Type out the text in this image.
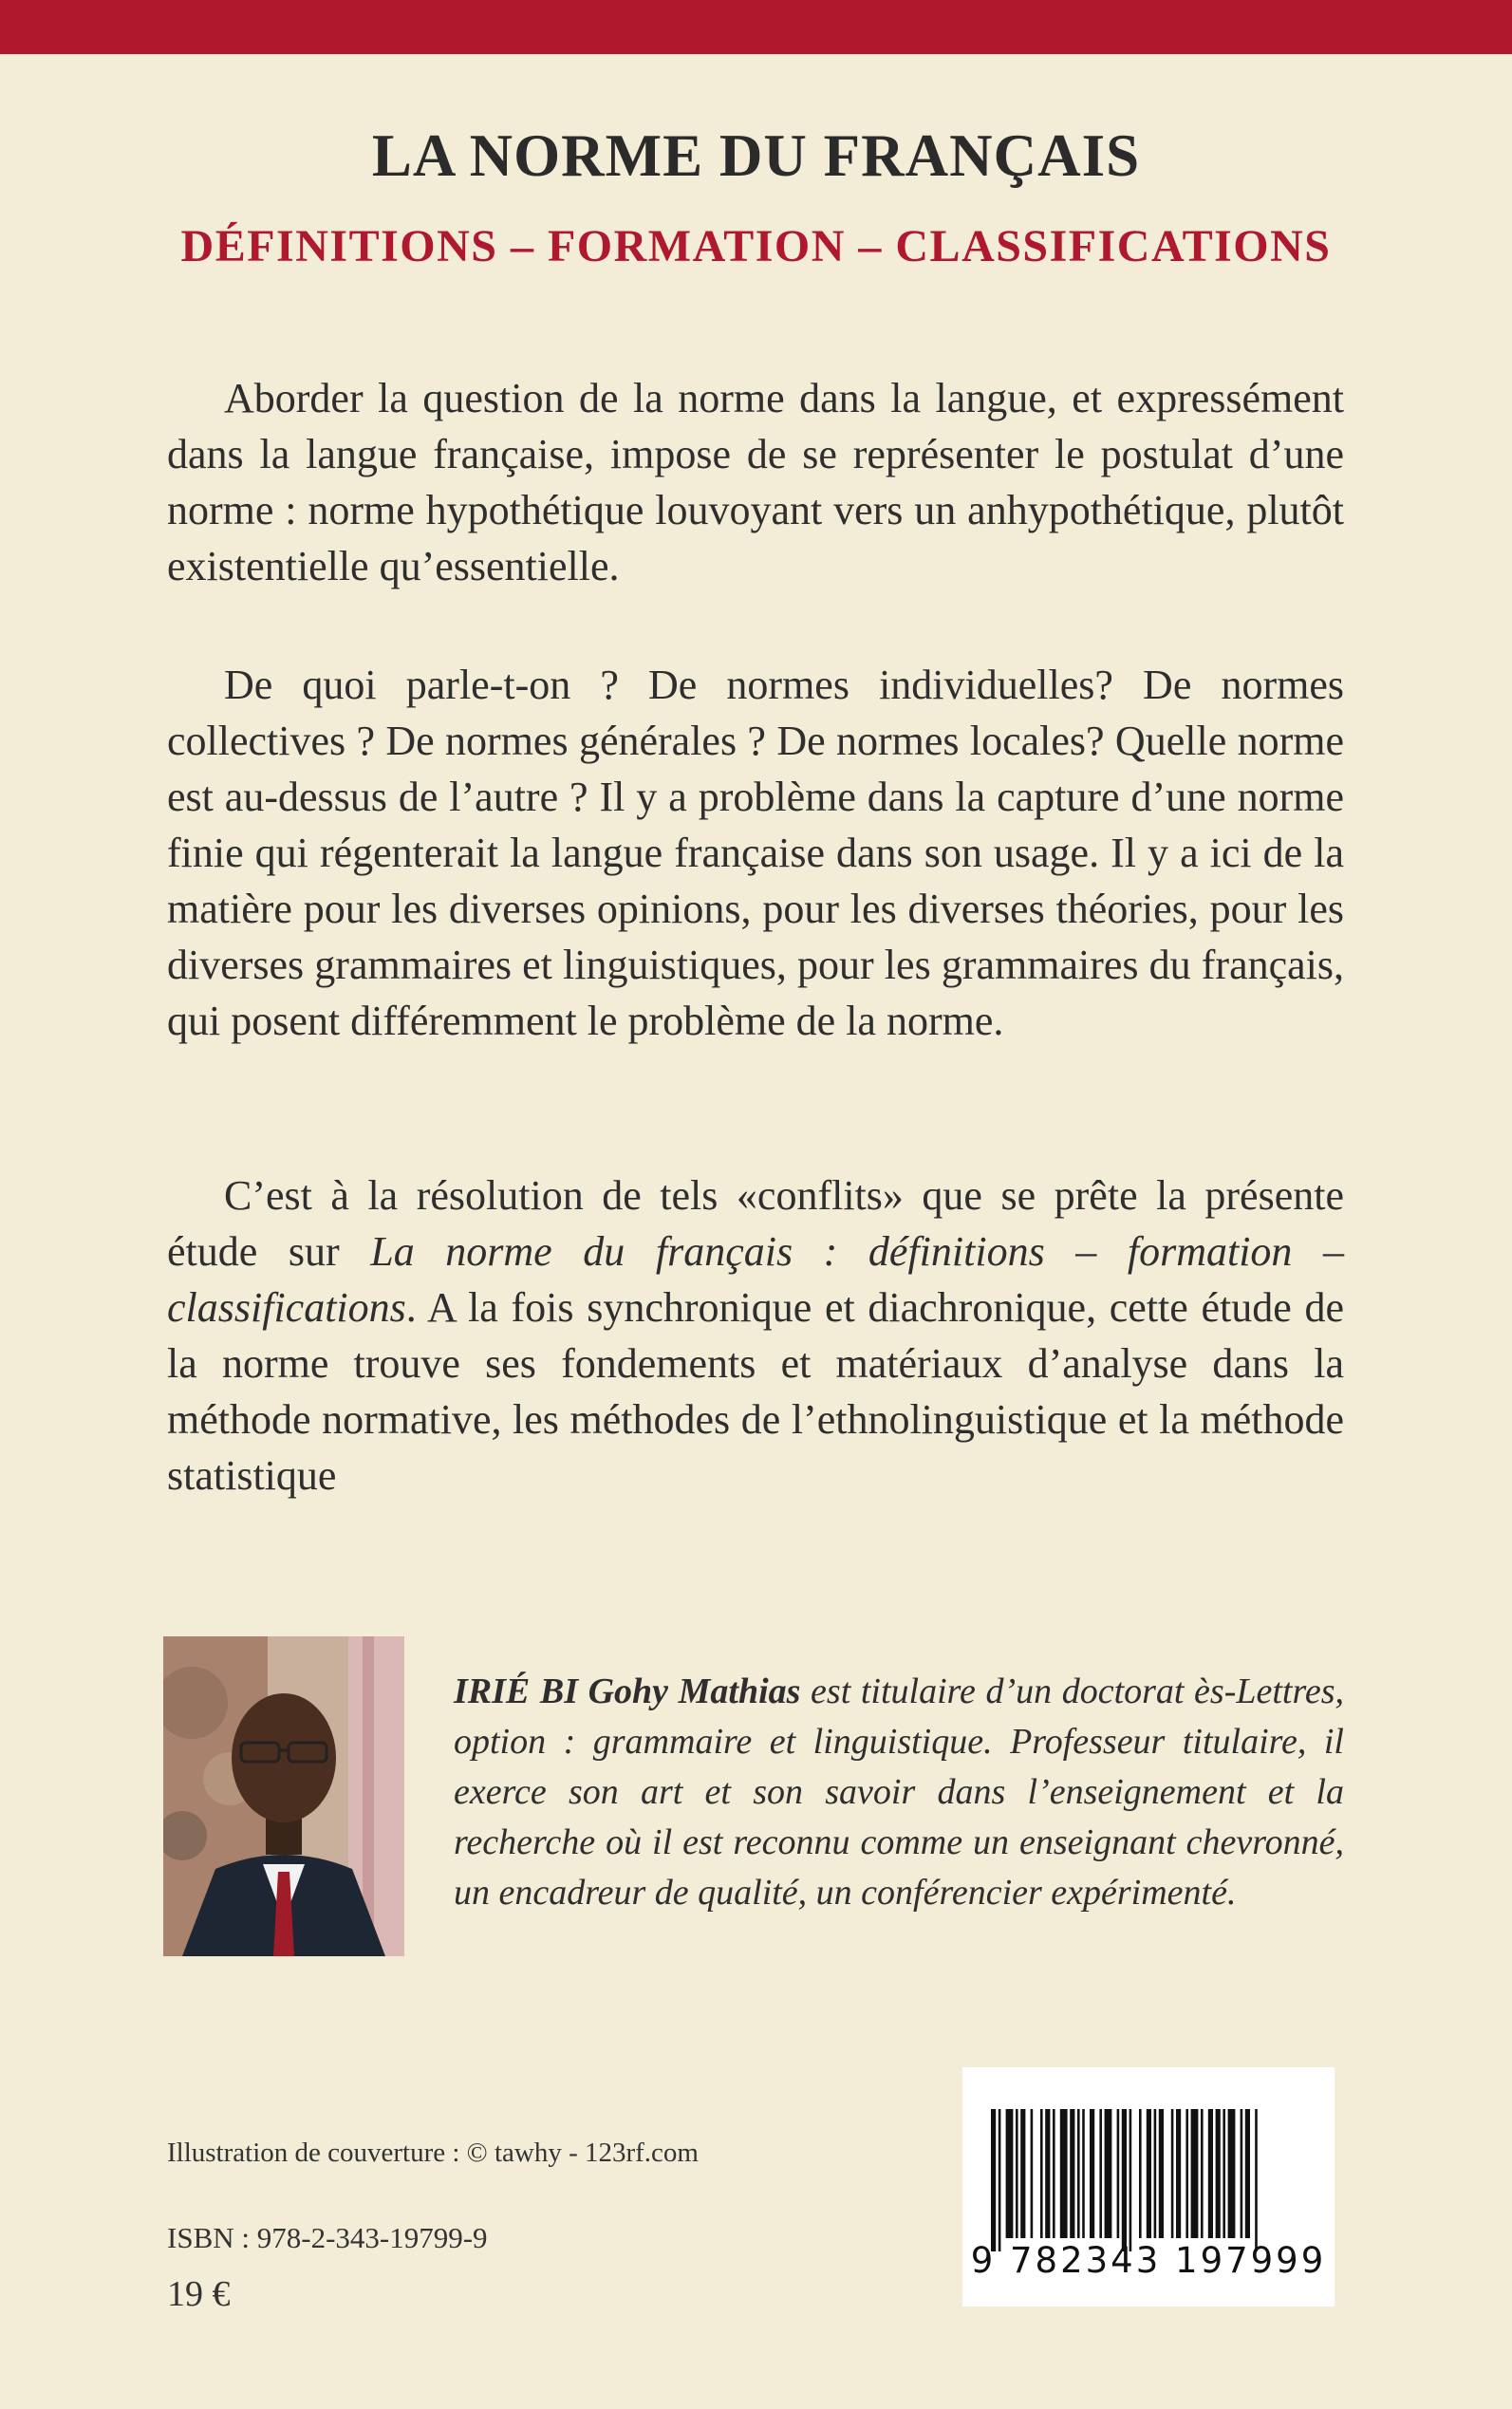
LA NORME DU FRANÇAIS
DÉFINITIONS – FORMATION – CLASSIFICATIONS

Aborder la question de la norme dans la langue, et expressément dans la langue française, impose de se représenter le postulat d’une norme : norme hypothétique louvoyant vers un anhypothétique, plutôt existentielle qu’essentielle.

De quoi parle-t-on ? De normes individuelles? De normes collectives ? De normes générales ? De normes locales? Quelle norme est au-dessus de l’autre ? Il y a problème dans la capture d’une norme finie qui régenterait la langue française dans son usage. Il y a ici de la matière pour les diverses opinions, pour les diverses théories, pour les diverses grammaires et linguistiques, pour les grammaires du français, qui posent différemment le problème de la norme.

C’est à la résolution de tels «conflits» que se prête la présente étude sur La norme du français : définitions – formation – classifications. A la fois synchronique et diachronique, cette étude de la norme trouve ses fondements et matériaux d’analyse dans la méthode normative, les méthodes de l’ethnolinguistique et la méthode statistique

IRIÉ BI Gohy Mathias est titulaire d’un doctorat ès-Lettres, option : grammaire et linguistique. Professeur titulaire, il exerce son art et son savoir dans l’enseignement et la recherche où il est reconnu comme un enseignant chevronné, un encadreur de qualité, un conférencier expérimenté.
Illustration de couverture : © tawhy - 123rf.com
ISBN : 978-2-343-19799-9
19 €
9 782343 197999
